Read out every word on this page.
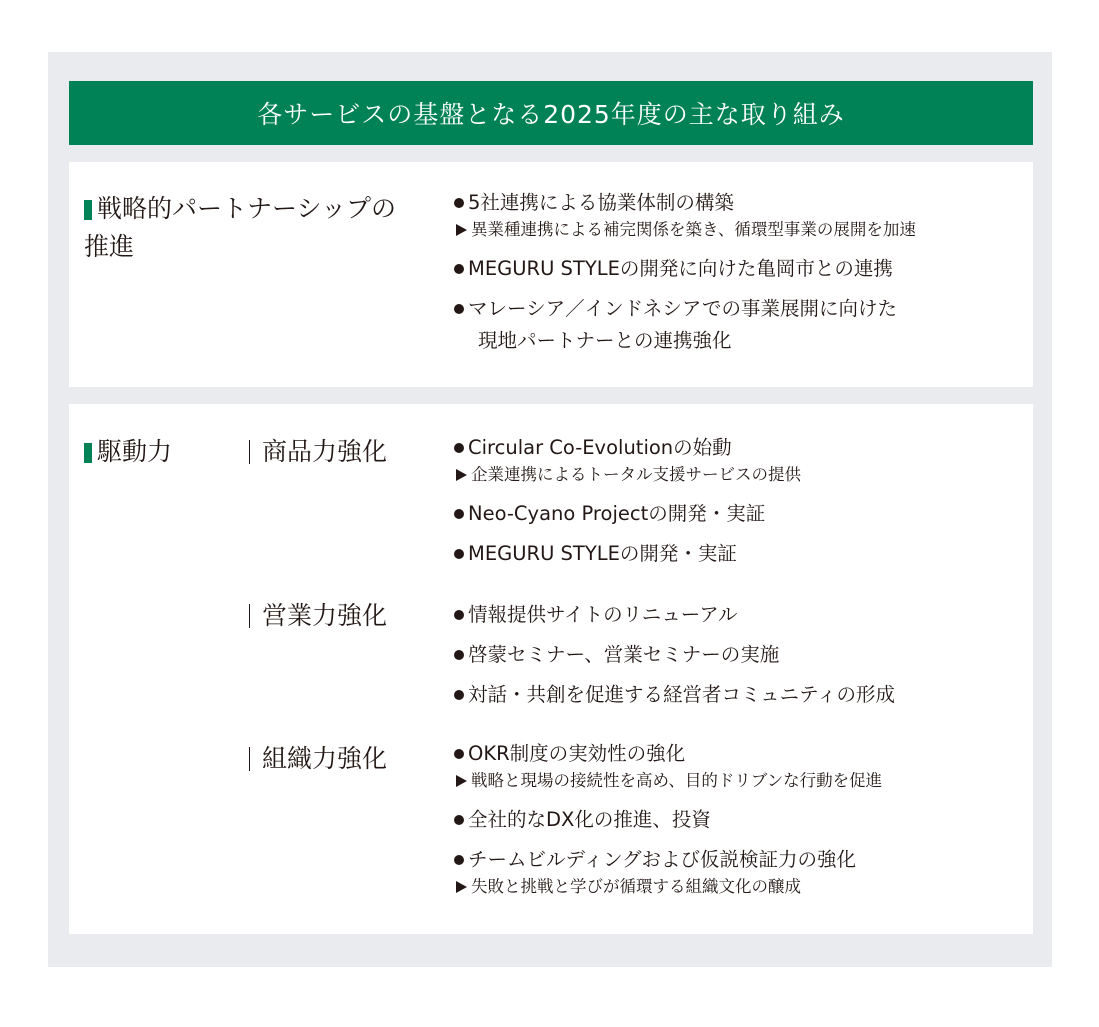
各サービスの基盤となる2025年度の主な取り組み
戦略的パートナーシップの
推進
5社連携による協業体制の構築
異業種連携による補完関係を築き、循環型事業の展開を加速
MEGURU STYLEの開発に向けた亀岡市との連携
マレーシア／インドネシアでの事業展開に向けた
現地パートナーとの連携強化
駆動力	商品力強化	Circular Co-Evolutionの始動
企業連携によるトータル支援サービスの提供
Neo-Cyano Projectの開発・実証
MEGURU STYLEの開発・実証
営業力強化	情報提供サイトのリニューアル
啓蒙セミナー、営業セミナーの実施
対話・共創を促進する経営者コミュニティの形成
組織力強化	OKR制度の実効性の強化
戦略と現場の接続性を高め、目的ドリブンな行動を促進
全社的なDX化の推進、投資
チームビルディングおよび仮説検証力の強化
失敗と挑戦と学びが循環する組織文化の醸成
